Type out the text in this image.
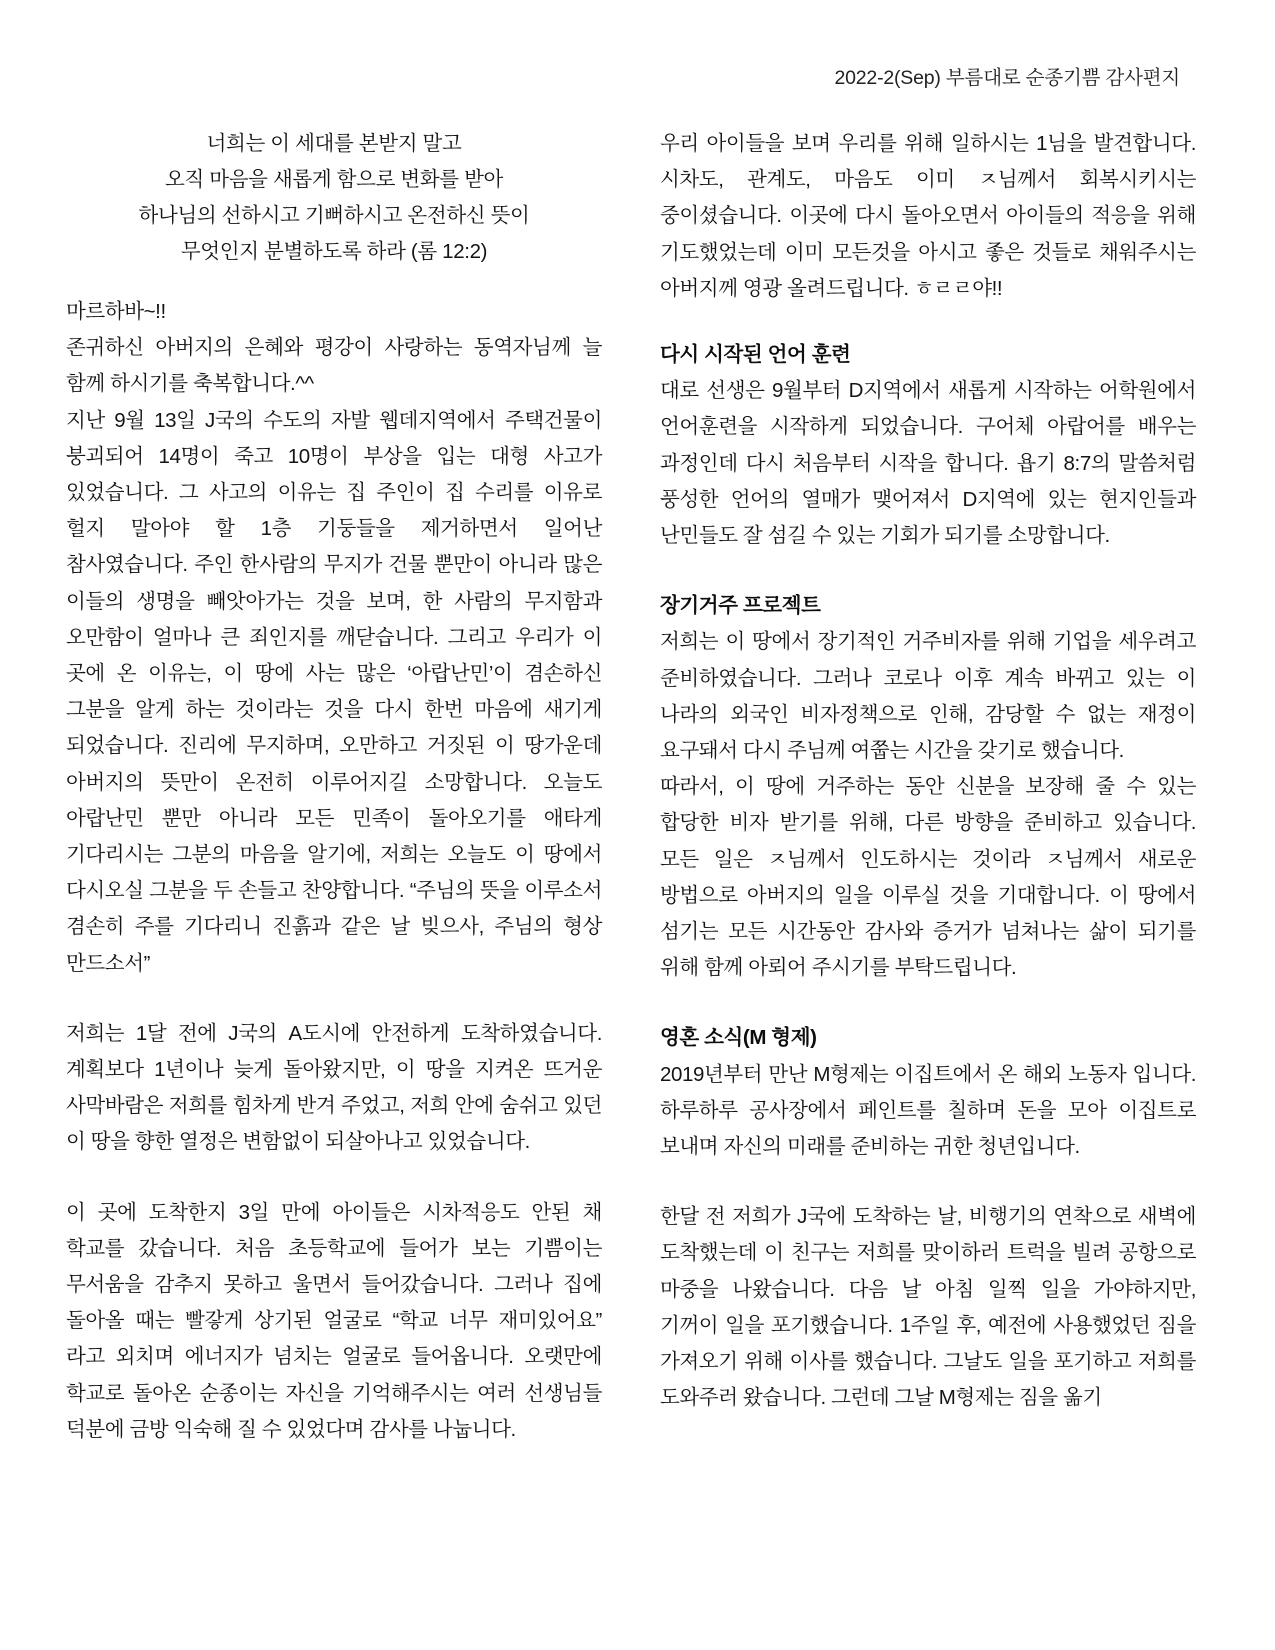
2022-2(Sep) 부름대로 순종기쁨 감사편지
너희는 이 세대를 본받지 말고
오직 마음을 새롭게 함으로 변화를 받아
하나님의 선하시고 기뻐하시고 온전하신 뜻이
무엇인지 분별하도록 하라 (롬 12:2)

마르하바~!!

존귀하신 아버지의 은혜와 평강이 사랑하는 동역자님께 늘 함께 하시기를 축복합니다.^^

지난 9월 13일 J국의 수도의 자발 웹데지역에서 주택건물이 붕괴되어 14명이 죽고 10명이 부상을 입는 대형 사고가 있었습니다. 그 사고의 이유는 집 주인이 집 수리를 이유로 헐지 말아야 할 1층 기둥들을 제거하면서 일어난 참사였습니다. 주인 한사람의 무지가 건물 뿐만이 아니라 많은 이들의 생명을 빼앗아가는 것을 보며, 한 사람의 무지함과 오만함이 얼마나 큰 죄인지를 깨닫습니다. 그리고 우리가 이 곳에 온 이유는, 이 땅에 사는 많은 ‘아랍난민’이 겸손하신 그분을 알게 하는 것이라는 것을 다시 한번 마음에 새기게 되었습니다. 진리에 무지하며, 오만하고 거짓된 이 땅가운데 아버지의 뜻만이 온전히 이루어지길 소망합니다. 오늘도 아랍난민 뿐만 아니라 모든 민족이 돌아오기를 애타게 기다리시는 그분의 마음을 알기에, 저희는 오늘도 이 땅에서 다시오실 그분을 두 손들고 찬양합니다. “주님의 뜻을 이루소서 겸손히 주를 기다리니 진흙과 같은 날 빚으사, 주님의 형상 만드소서”

저희는 1달 전에 J국의 A도시에 안전하게 도착하였습니다. 계획보다 1년이나 늦게 돌아왔지만, 이 땅을 지켜온 뜨거운 사막바람은 저희를 힘차게 반겨 주었고, 저희 안에 숨쉬고 있던 이 땅을 향한 열정은 변함없이 되살아나고 있었습니다.

이 곳에 도착한지 3일 만에 아이들은 시차적응도 안된 채 학교를 갔습니다. 처음 초등학교에 들어가 보는 기쁨이는 무서움을 감추지 못하고 울면서 들어갔습니다. 그러나 집에 돌아올 때는 빨갛게 상기된 얼굴로 “학교 너무 재미있어요” 라고 외치며 에너지가 넘치는 얼굴로 들어옵니다. 오랫만에 학교로 돌아온 순종이는 자신을 기억해주시는 여러 선생님들 덕분에 금방 익숙해 질 수 있었다며 감사를 나눕니다.

우리 아이들을 보며 우리를 위해 일하시는 1님을 발견합니다. 시차도, 관계도, 마음도 이미 ㅈ님께서 회복시키시는 중이셨습니다. 이곳에 다시 돌아오면서 아이들의 적응을 위해 기도했었는데 이미 모든것을 아시고 좋은 것들로 채워주시는 아버지께 영광 올려드립니다. ㅎㄹㄹ야!!

다시 시작된 언어 훈련

대로 선생은 9월부터 D지역에서 새롭게 시작하는 어학원에서 언어훈련을 시작하게 되었습니다. 구어체 아랍어를 배우는 과정인데 다시 처음부터 시작을 합니다. 욥기 8:7의 말씀처럼 풍성한 언어의 열매가 맺어져서 D지역에 있는 현지인들과 난민들도 잘 섬길 수 있는 기회가 되기를 소망합니다.

장기거주 프로젝트

저희는 이 땅에서 장기적인 거주비자를 위해 기업을 세우려고 준비하였습니다. 그러나 코로나 이후 계속 바뀌고 있는 이 나라의 외국인 비자정책으로 인해, 감당할 수 없는 재정이 요구돼서 다시 주님께 여쭙는 시간을 갖기로 했습니다.

따라서, 이 땅에 거주하는 동안 신분을 보장해 줄 수 있는 합당한 비자 받기를 위해, 다른 방향을 준비하고 있습니다. 모든 일은 ㅈ님께서 인도하시는 것이라 ㅈ님께서 새로운 방법으로 아버지의 일을 이루실 것을 기대합니다. 이 땅에서 섬기는 모든 시간동안 감사와 증거가 넘쳐나는 삶이 되기를 위해 함께 아뢰어 주시기를 부탁드립니다.

영혼 소식(M 형제)

2019년부터 만난 M형제는 이집트에서 온 해외 노동자 입니다. 하루하루 공사장에서 페인트를 칠하며 돈을 모아 이집트로 보내며 자신의 미래를 준비하는 귀한 청년입니다.

한달 전 저희가 J국에 도착하는 날, 비행기의 연착으로 새벽에 도착했는데 이 친구는 저희를 맞이하러 트럭을 빌려 공항으로 마중을 나왔습니다. 다음 날 아침 일찍 일을 가야하지만, 기꺼이 일을 포기했습니다. 1주일 후, 예전에 사용했었던 짐을 가져오기 위해 이사를 했습니다. 그날도 일을 포기하고 저희를 도와주러 왔습니다. 그런데 그날 M형제는 짐을 옮기
